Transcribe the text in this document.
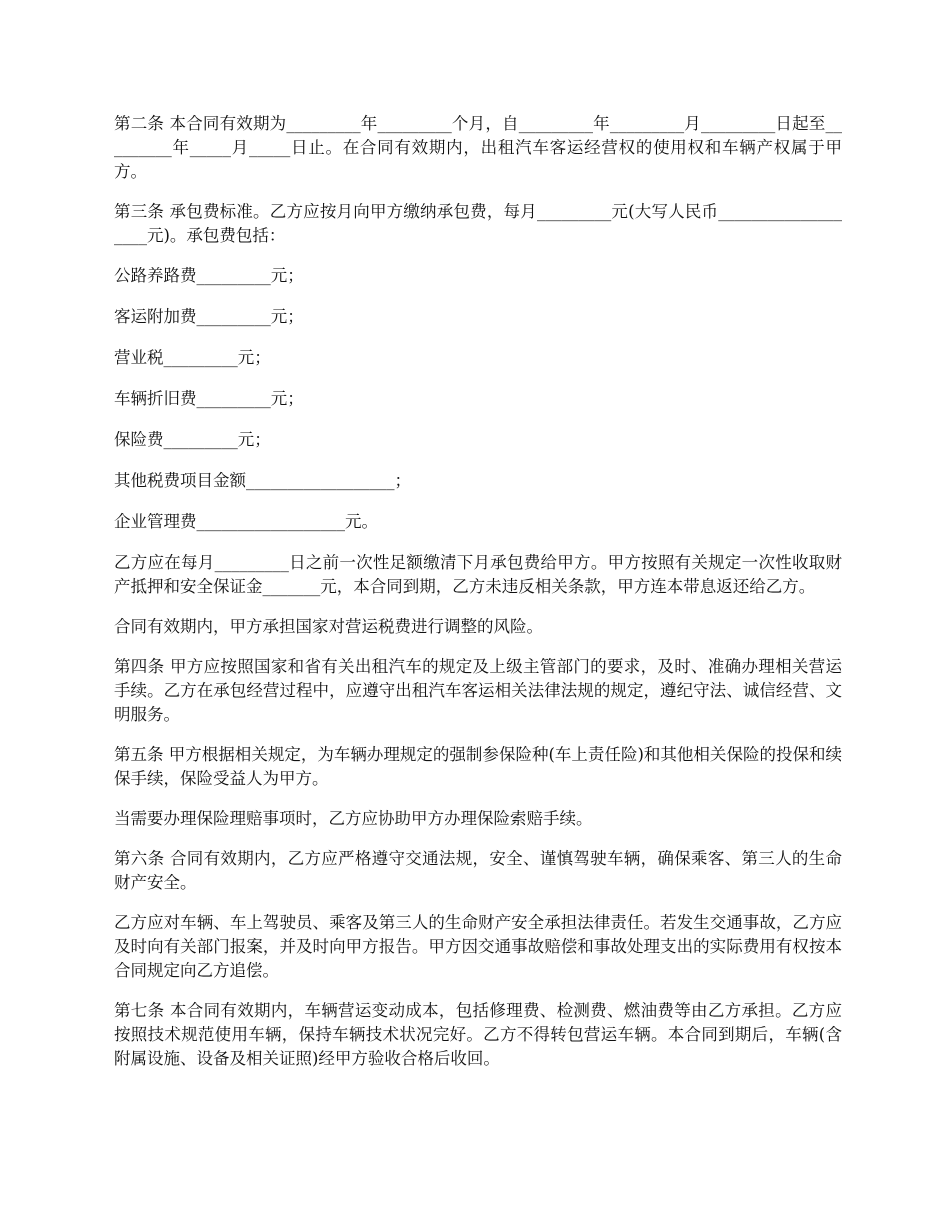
第二条 本合同有效期为_________年_________个月，自_________年_________月_________日起至_________年_____月_____日止。在合同有效期内，出租汽车客运经营权的使用权和车辆产权属于甲方。

第三条 承包费标准。乙方应按月向甲方缴纳承包费，每月_________元(大写人民币___________________元)。承包费包括：

公路养路费_________元；

客运附加费_________元；

营业税_________元；

车辆折旧费_________元；

保险费_________元；

其他税费项目金额__________________；

企业管理费__________________元。

乙方应在每月_________日之前一次性足额缴清下月承包费给甲方。甲方按照有关规定一次性收取财产抵押和安全保证金_______元，本合同到期，乙方未违反相关条款，甲方连本带息返还给乙方。

合同有效期内，甲方承担国家对营运税费进行调整的风险。

第四条 甲方应按照国家和省有关出租汽车的规定及上级主管部门的要求，及时、准确办理相关营运手续。乙方在承包经营过程中，应遵守出租汽车客运相关法律法规的规定，遵纪守法、诚信经营、文明服务。

第五条 甲方根据相关规定，为车辆办理规定的强制参保险种(车上责任险)和其他相关保险的投保和续保手续，保险受益人为甲方。

当需要办理保险理赔事项时，乙方应协助甲方办理保险索赔手续。

第六条 合同有效期内，乙方应严格遵守交通法规，安全、谨慎驾驶车辆，确保乘客、第三人的生命财产安全。

乙方应对车辆、车上驾驶员、乘客及第三人的生命财产安全承担法律责任。若发生交通事故，乙方应及时向有关部门报案，并及时向甲方报告。甲方因交通事故赔偿和事故处理支出的实际费用有权按本合同规定向乙方追偿。

第七条 本合同有效期内，车辆营运变动成本，包括修理费、检测费、燃油费等由乙方承担。乙方应按照技术规范使用车辆，保持车辆技术状况完好。乙方不得转包营运车辆。本合同到期后，车辆(含附属设施、设备及相关证照)经甲方验收合格后收回。
